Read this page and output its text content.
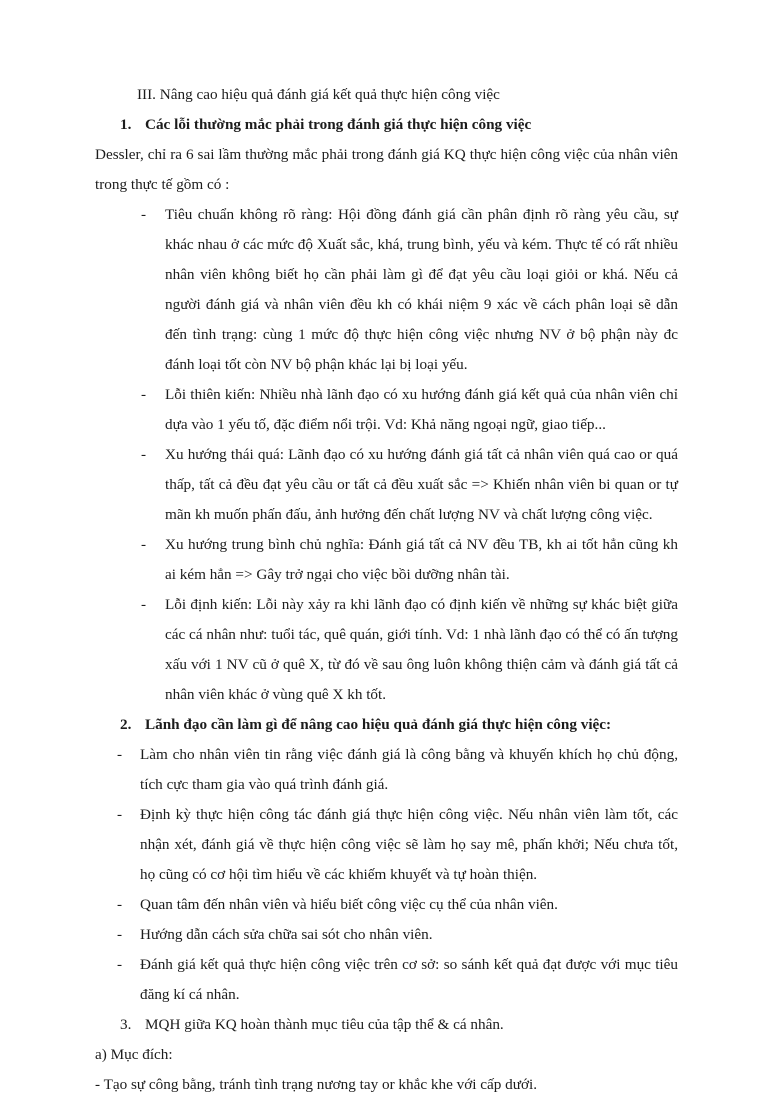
III. Nâng cao hiệu quả đánh giá kết quả thực hiện công việc

1. Các lỗi thường mắc phải trong đánh giá thực hiện công việc

Dessler, chỉ ra 6 sai lầm thường mắc phải trong đánh giá KQ thực hiện công việc của nhân viên trong thực tế gồm có :

- Tiêu chuẩn không rõ ràng: Hội đồng đánh giá cần phân định rõ ràng yêu cầu, sự khác nhau ở các mức độ Xuất sắc, khá, trung bình, yếu và kém. Thực tế có rất nhiều nhân viên không biết họ cần phải làm gì để đạt yêu cầu loại giỏi or khá. Nếu cả người đánh giá và nhân viên đều kh có khái niệm 9 xác về cách phân loại sẽ dẫn đến tình trạng: cùng 1 mức độ thực hiện công việc nhưng NV ở bộ phận này đc đánh loại tốt còn NV bộ phận khác lại bị loại yếu.

- Lỗi thiên kiến: Nhiều nhà lãnh đạo có xu hướng đánh giá kết quả của nhân viên chỉ dựa vào 1 yếu tố, đặc điểm nổi trội. Vd: Khả năng ngoại ngữ, giao tiếp...

- Xu hướng thái quá: Lãnh đạo có xu hướng đánh giá tất cả nhân viên quá cao or quá thấp, tất cả đều đạt yêu cầu or tất cả đều xuất sắc => Khiến nhân viên bi quan or tự mãn kh muốn phấn đấu, ảnh hưởng đến chất lượng NV và chất lượng công việc.

- Xu hướng trung bình chủ nghĩa: Đánh giá tất cả NV đều TB, kh ai tốt hẳn cũng kh ai kém hẳn => Gây trở ngại cho việc bồi dưỡng nhân tài.

- Lỗi định kiến: Lỗi này xảy ra khi lãnh đạo có định kiến về những sự khác biệt giữa các cá nhân như: tuổi tác, quê quán, giới tính. Vd: 1 nhà lãnh đạo có thể có ấn tượng xấu với 1 NV cũ ở quê X, từ đó về sau ông luôn không thiện cảm và đánh giá tất cả nhân viên khác ở vùng quê X kh tốt.

2. Lãnh đạo cần làm gì để nâng cao hiệu quả đánh giá thực hiện công việc:

- Làm cho nhân viên tin rằng việc đánh giá là công bằng và khuyến khích họ chủ động, tích cực tham gia vào quá trình đánh giá.

- Định kỳ thực hiện công tác đánh giá thực hiện công việc. Nếu nhân viên làm tốt, các nhận xét, đánh giá về thực hiện công việc sẽ làm họ say mê, phấn khởi; Nếu chưa tốt, họ cũng có cơ hội tìm hiểu về các khiếm khuyết và tự hoàn thiện.

- Quan tâm đến nhân viên và hiểu biết công việc cụ thể của nhân viên.

- Hướng dẫn cách sửa chữa sai sót cho nhân viên.

- Đánh giá kết quả thực hiện công việc trên cơ sở: so sánh kết quả đạt được với mục tiêu đăng kí cá nhân.

3. MQH giữa KQ hoàn thành mục tiêu của tập thể & cá nhân.

a) Mục đích:

- Tạo sự công bằng, tránh tình trạng nương tay or khắc khe với cấp dưới.
